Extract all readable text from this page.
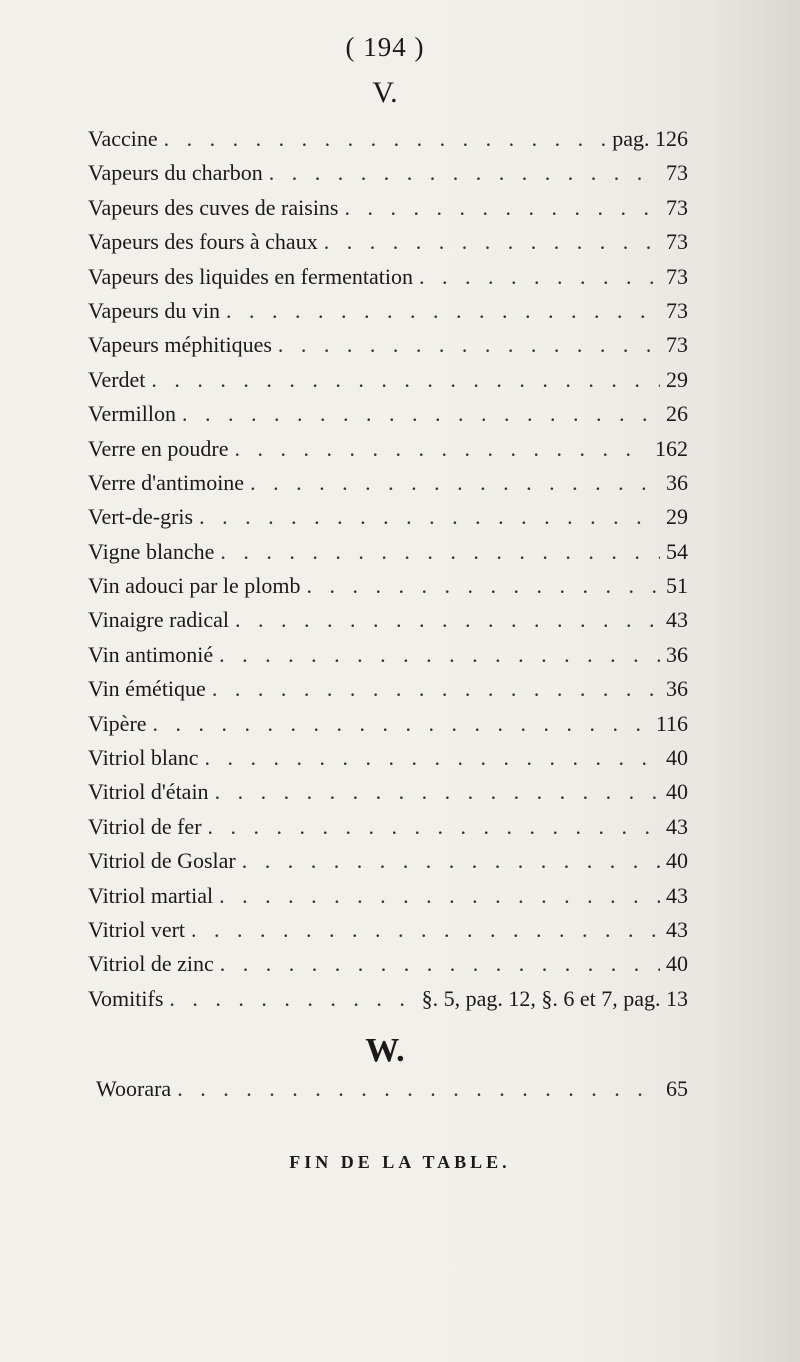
( 194 )
V.
Vaccine . . .	pag. 126
Vapeurs du charbon . . .	73
Vapeurs des cuves de raisins . . .	73
Vapeurs des fours à chaux . . .	73
Vapeurs des liquides en fermentation . . .	73
Vapeurs du vin . . .	73
Vapeurs méphitiques . . .	73
Verdet . . .	29
Vermillon . . .	26
Verre en poudre . . .	162
Verre d'antimoine . . .	36
Vert-de-gris . . .	29
Vigne blanche . . .	54
Vin adouci par le plomb . . .	51
Vinaigre radical . . .	43
Vin antimonié . . .	36
Vin émétique . . .	36
Vipère . . .	116
Vitriol blanc . . .	40
Vitriol d'étain . . .	40
Vitriol de fer . . .	43
Vitriol de Goslar . . .	40
Vitriol martial . . .	43
Vitriol vert . . .	43
Vitriol de zinc . . .	40
Vomitifs . . .	§. 5, pag. 12, §. 6 et 7, pag. 13
W.
Woorara . . .	65
FIN DE LA TABLE.
